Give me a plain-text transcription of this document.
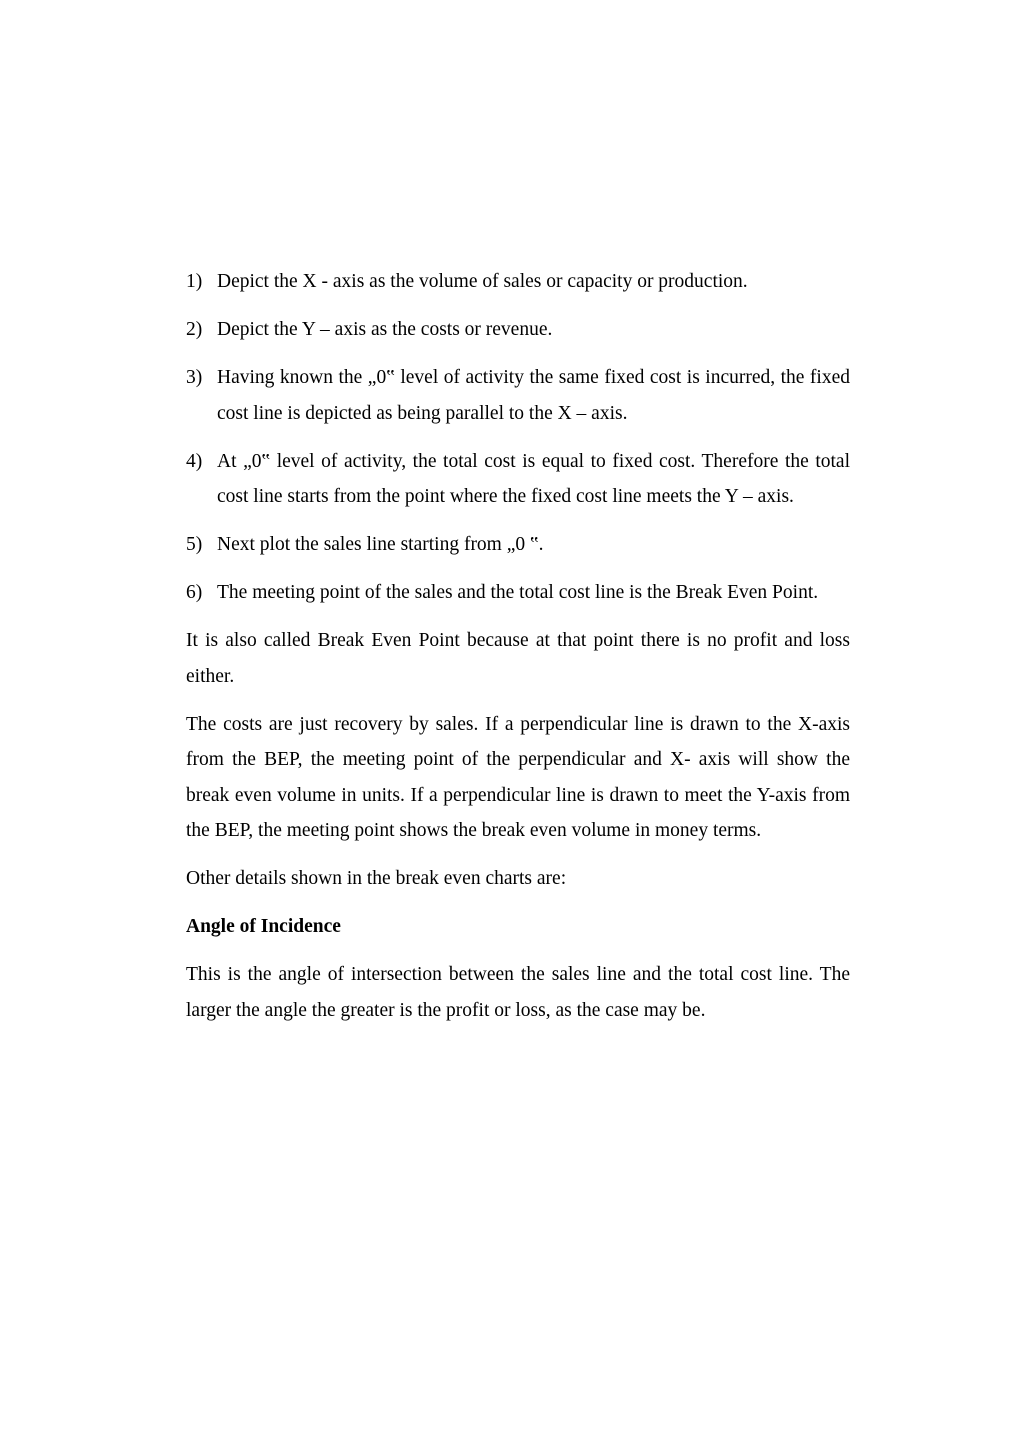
1) Depict the X - axis as the volume of sales or capacity or production.
2) Depict the Y – axis as the costs or revenue.
3) Having known the „0‟ level of activity the same fixed cost is incurred, the fixed cost line is depicted as being parallel to the X – axis.
4) At „0‟ level of activity, the total cost is equal to fixed cost. Therefore the total cost line starts from the point where the fixed cost line meets the Y – axis.
5) Next plot the sales line starting from „0 ‟.
6) The meeting point of the sales and the total cost line is the Break Even Point.

It is also called Break Even Point because at that point there is no profit and loss either.

The costs are just recovery by sales. If a perpendicular line is drawn to the X-axis from the BEP, the meeting point of the perpendicular and X- axis will show the break even volume in units. If a perpendicular line is drawn to meet the Y-axis from the BEP, the meeting point shows the break even volume in money terms.

Other details shown in the break even charts are:

Angle of Incidence

This is the angle of intersection between the sales line and the total cost line. The larger the angle the greater is the profit or loss, as the case may be.
